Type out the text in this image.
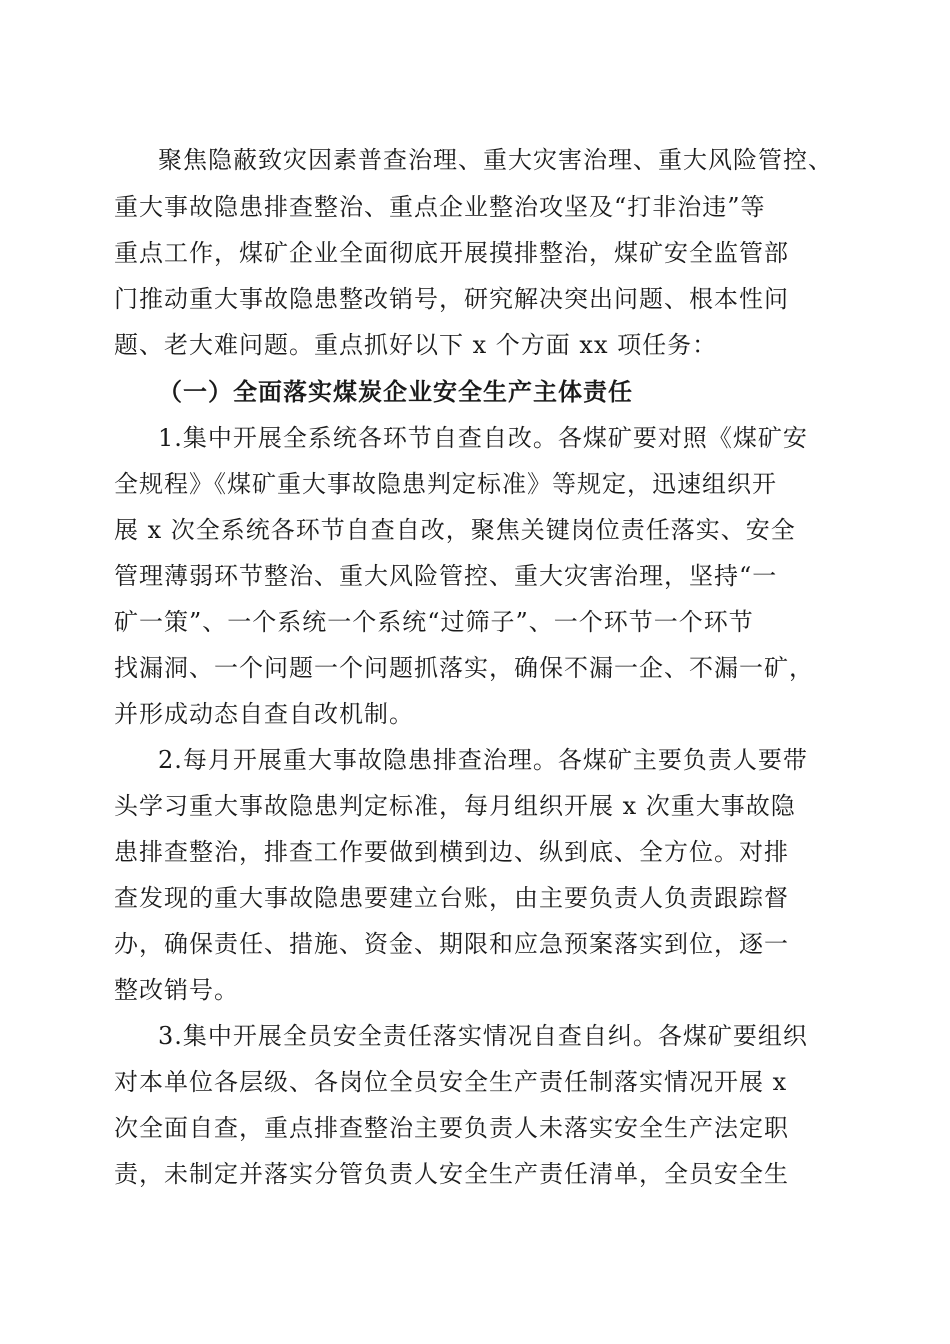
聚焦隐蔽致灾因素普查治理、重大灾害治理、重大风险管控、
重大事故隐患排查整治、重点企业整治攻坚及“打非治违”等
重点工作，煤矿企业全面彻底开展摸排整治，煤矿安全监管部
门推动重大事故隐患整改销号，研究解决突出问题、根本性问
题、老大难问题。重点抓好以下 x 个方面 xx 项任务：
（一）全面落实煤炭企业安全生产主体责任
1.集中开展全系统各环节自查自改。各煤矿要对照《煤矿安
全规程》《煤矿重大事故隐患判定标准》等规定，迅速组织开
展 x 次全系统各环节自查自改，聚焦关键岗位责任落实、安全
管理薄弱环节整治、重大风险管控、重大灾害治理，坚持“一
矿一策”、一个系统一个系统“过筛子”、一个环节一个环节
找漏洞、一个问题一个问题抓落实，确保不漏一企、不漏一矿，
并形成动态自查自改机制。
2.每月开展重大事故隐患排查治理。各煤矿主要负责人要带
头学习重大事故隐患判定标准，每月组织开展 x 次重大事故隐
患排查整治，排查工作要做到横到边、纵到底、全方位。对排
查发现的重大事故隐患要建立台账，由主要负责人负责跟踪督
办，确保责任、措施、资金、期限和应急预案落实到位，逐一
整改销号。
3.集中开展全员安全责任落实情况自查自纠。各煤矿要组织
对本单位各层级、各岗位全员安全生产责任制落实情况开展 x
次全面自查，重点排查整治主要负责人未落实安全生产法定职
责，未制定并落实分管负责人安全生产责任清单，全员安全生
